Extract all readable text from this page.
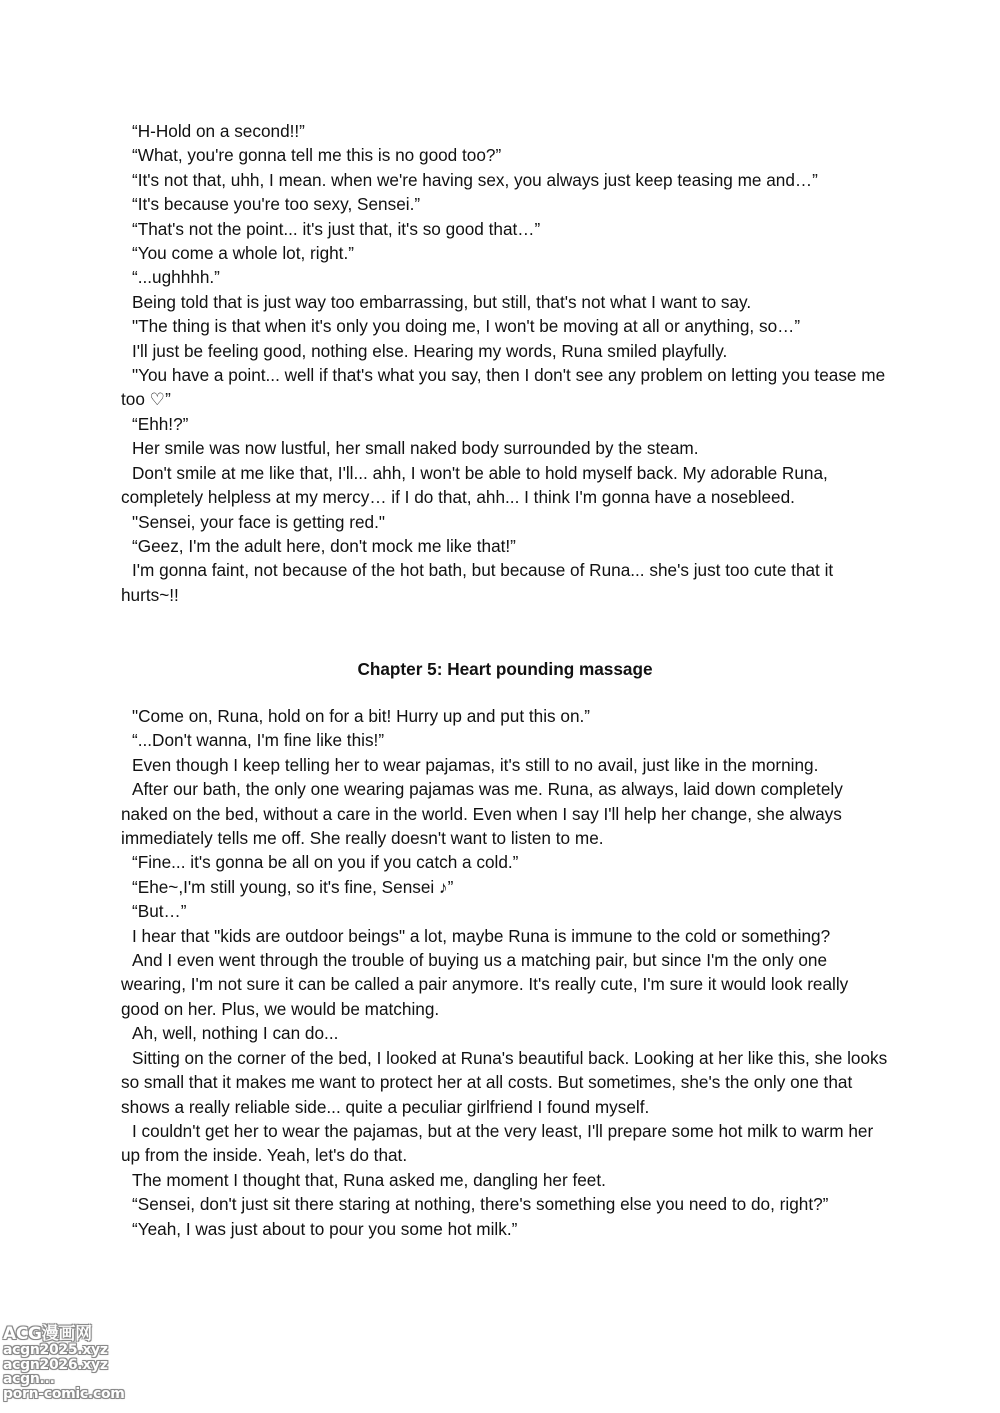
“H-Hold on a second!!”

“What, you're gonna tell me this is no good too?”

“It's not that, uhh, I mean. when we're having sex, you always just keep teasing me and…”

“It's because you're too sexy, Sensei.”

“That's not the point... it's just that, it's so good that…”

“You come a whole lot, right.”

“...ughhhh.”

Being told that is just way too embarrassing, but still, that's not what I want to say.

"The thing is that when it's only you doing me, I won't be moving at all or anything, so…”

I'll just be feeling good, nothing else. Hearing my words, Runa smiled playfully.

"You have a point... well if that's what you say, then I don't see any problem on letting you tease me too ♡”

“Ehh!?”

Her smile was now lustful, her small naked body surrounded by the steam.

Don't smile at me like that, I'll... ahh, I won't be able to hold myself back. My adorable Runa, completely helpless at my mercy… if I do that, ahh... I think I'm gonna have a nosebleed.

"Sensei, your face is getting red."

“Geez, I'm the adult here, don't mock me like that!”

I'm gonna faint, not because of the hot bath, but because of Runa... she's just too cute that it hurts~!!

Chapter 5: Heart pounding massage

"Come on, Runa, hold on for a bit! Hurry up and put this on.”

“...Don't wanna, I'm fine like this!”

Even though I keep telling her to wear pajamas, it's still to no avail, just like in the morning.

After our bath, the only one wearing pajamas was me. Runa, as always, laid down completely naked on the bed, without a care in the world. Even when I say I'll help her change, she always immediately tells me off. She really doesn't want to listen to me.

“Fine... it's gonna be all on you if you catch a cold.”

“Ehe~,I'm still young, so it's fine, Sensei ♪”

“But…”

I hear that "kids are outdoor beings" a lot, maybe Runa is immune to the cold or something?

And I even went through the trouble of buying us a matching pair, but since I'm the only one wearing, I'm not sure it can be called a pair anymore. It's really cute, I'm sure it would look really good on her. Plus, we would be matching.

Ah, well, nothing I can do...

Sitting on the corner of the bed, I looked at Runa's beautiful back. Looking at her like this, she looks so small that it makes me want to protect her at all costs. But sometimes, she's the only one that shows a really reliable side... quite a peculiar girlfriend I found myself.

I couldn't get her to wear the pajamas, but at the very least, I'll prepare some hot milk to warm her up from the inside. Yeah, let's do that.

The moment I thought that, Runa asked me, dangling her feet.

“Sensei, don't just sit there staring at nothing, there's something else you need to do, right?”

“Yeah, I was just about to pour you some hot milk.”

ACG漫画网
acgn2025.xyz
acgn2026.xyz
acgn...
porn-comic.com
